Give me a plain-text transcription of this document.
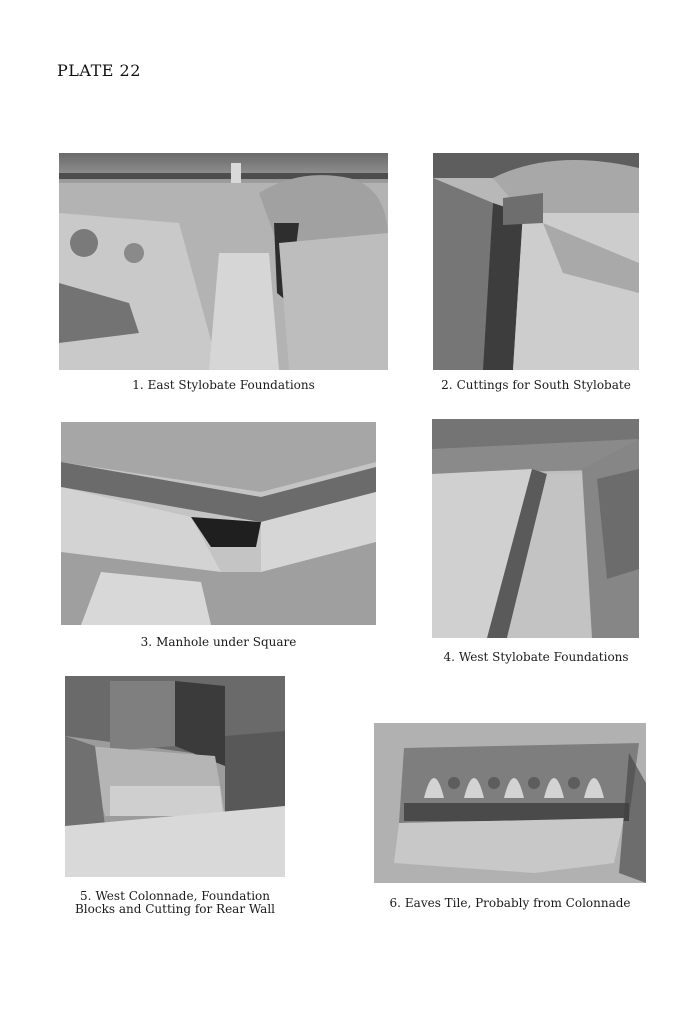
PLATE 22
1. East Stylobate Foundations	2. Cuttings for South Stylobate
3. Manhole under Square
4. West Stylobate Foundations
5. West Colonnade, Foundation
Blocks and Cutting for Rear Wall	6. Eaves Tile, Probably from Colonnade
